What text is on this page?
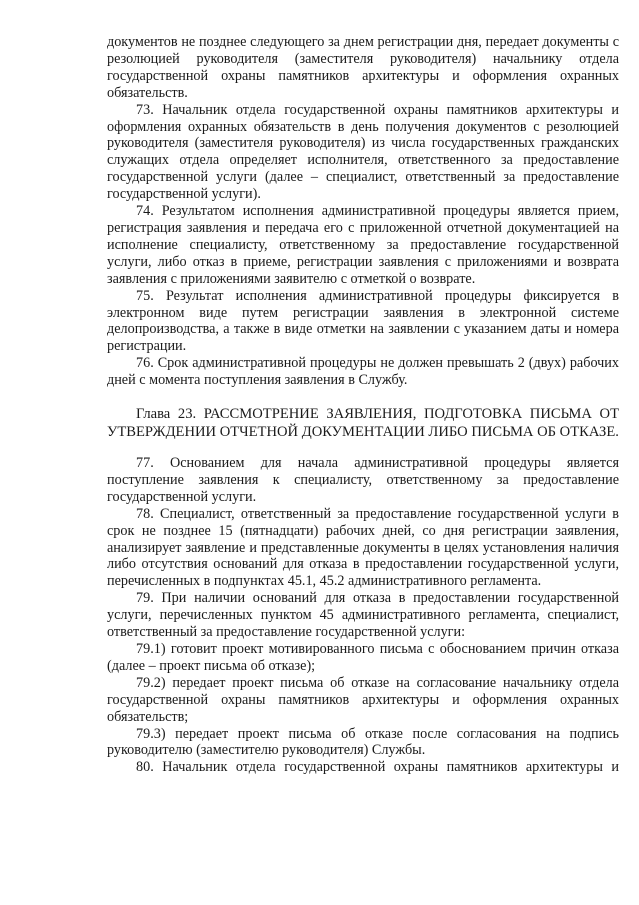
документов не позднее следующего за днем регистрации дня, передает документы с резолюцией руководителя (заместителя руководителя) начальнику отдела государственной охраны памятников архитектуры и оформления охранных обязательств.

73. Начальник отдела государственной охраны памятников архитектуры и оформления охранных обязательств в день получения документов с резолюцией руководителя (заместителя руководителя) из числа государственных гражданских служащих отдела определяет исполнителя, ответственного за предоставление государственной услуги (далее – специалист, ответственный за предоставление государственной услуги).

74. Результатом исполнения административной процедуры является прием, регистрация заявления и передача его с приложенной отчетной документацией на исполнение специалисту, ответственному за предоставление государственной услуги, либо отказ в приеме, регистрации заявления с приложениями и возврата заявления с приложениями заявителю с отметкой о возврате.

75. Результат исполнения административной процедуры фиксируется в электронном виде путем регистрации заявления в электронной системе делопроизводства, а также в виде отметки на заявлении с указанием даты и номера регистрации.

76. Срок административной процедуры не должен превышать 2 (двух) рабочих дней с момента поступления заявления в Службу.

Глава 23. РАССМОТРЕНИЕ ЗАЯВЛЕНИЯ, ПОДГОТОВКА ПИСЬМА ОТ УТВЕРЖДЕНИИ ОТЧЕТНОЙ ДОКУМЕНТАЦИИ ЛИБО ПИСЬМА ОБ ОТКАЗЕ.

77. Основанием для начала административной процедуры является поступление заявления к специалисту, ответственному за предоставление государственной услуги.

78. Специалист, ответственный за предоставление государственной услуги в срок не позднее 15 (пятнадцати) рабочих дней, со дня регистрации заявления, анализирует заявление и представленные документы в целях установления наличия либо отсутствия оснований для отказа в предоставлении государственной услуги, перечисленных в подпунктах 45.1, 45.2 административного регламента.

79. При наличии оснований для отказа в предоставлении государственной услуги, перечисленных пунктом 45 административного регламента, специалист, ответственный за предоставление государственной услуги:

79.1) готовит проект мотивированного письма с обоснованием причин отказа (далее – проект письма об отказе);

79.2) передает проект письма об отказе на согласование начальнику отдела государственной охраны памятников архитектуры и оформления охранных обязательств;

79.3) передает проект письма об отказе после согласования на подпись руководителю (заместителю руководителя) Службы.

80. Начальник отдела государственной охраны памятников архитектуры и
